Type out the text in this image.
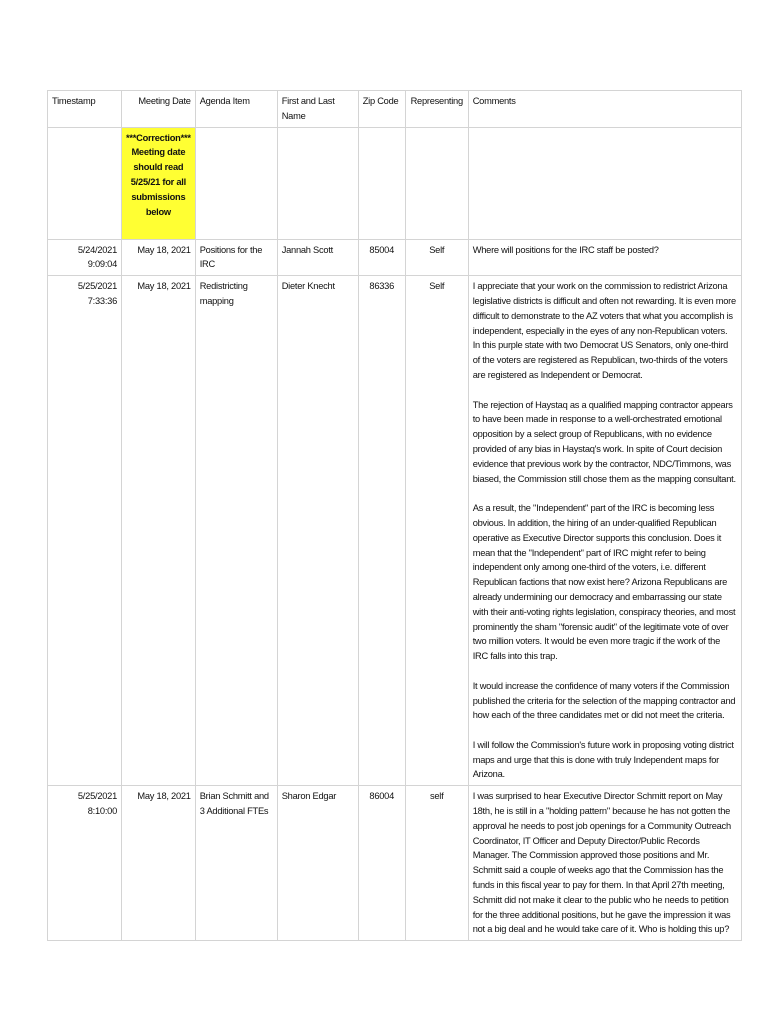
Timestamp	Meeting Date	Agenda Item	First and Last Name	Zip Code	Representing	Comments
	***Correction*** Meeting date should read 5/25/21 for all submissions below					
5/24/2021 9:09:04	May 18, 2021	Positions for the IRC	Jannah Scott	85004	Self	Where will positions for the IRC staff be posted?

5/25/2021 7:33:36	May 18, 2021	Redistricting mapping	Dieter Knecht	86336	Self	I appreciate that your work on the commission to redistrict Arizona legislative districts is difficult and often not rewarding. It is even more difficult to demonstrate to the AZ voters that what you accomplish is independent, especially in the eyes of any non-Republican voters. In this purple state with two Democrat US Senators, only one-third of the voters are registered as Republican, two-thirds of the voters are registered as Independent or Democrat.
The rejection of Haystaq as a qualified mapping contractor appears to have been made in response to a well-orchestrated emotional opposition by a select group of Republicans, with no evidence provided of any bias in Haystaq's work. In spite of Court decision evidence that previous work by the contractor, NDC/Timmons, was biased, the Commission still chose them as the mapping consultant.
As a result, the "Independent" part of the IRC is becoming less obvious. In addition, the hiring of an under-qualified Republican operative as Executive Director supports this conclusion. Does it mean that the "Independent" part of IRC might refer to being independent only among one-third of the voters, i.e. different Republican factions that now exist here? Arizona Republicans are already undermining our democracy and embarrassing our state with their anti-voting rights legislation, conspiracy theories, and most prominently the sham "forensic audit" of the legitimate vote of over two million voters. It would be even more tragic if the work of the IRC falls into this trap.
It would increase the confidence of many voters if the Commission published the criteria for the selection of the mapping contractor and how each of the three candidates met or did not meet the criteria.
I will follow the Commission's future work in proposing voting district maps and urge that this is done with truly Independent maps for Arizona.

5/25/2021 8:10:00	May 18, 2021	Brian Schmitt and 3 Additional FTEs	Sharon Edgar	86004	self	I was surprised to hear Executive Director Schmitt report on May 18th, he is still in a "holding pattern" because he has not gotten the approval he needs to post job openings for a Community Outreach Coordinator, IT Officer and Deputy Director/Public Records Manager. The Commission approved those positions and Mr. Schmitt said a couple of weeks ago that the Commission has the funds in this fiscal year to pay for them. In that April 27th meeting, Schmitt did not make it clear to the public who he needs to petition for the three additional positions, but he gave the impression it was not a big deal and he would take care of it. Who is holding this up?
